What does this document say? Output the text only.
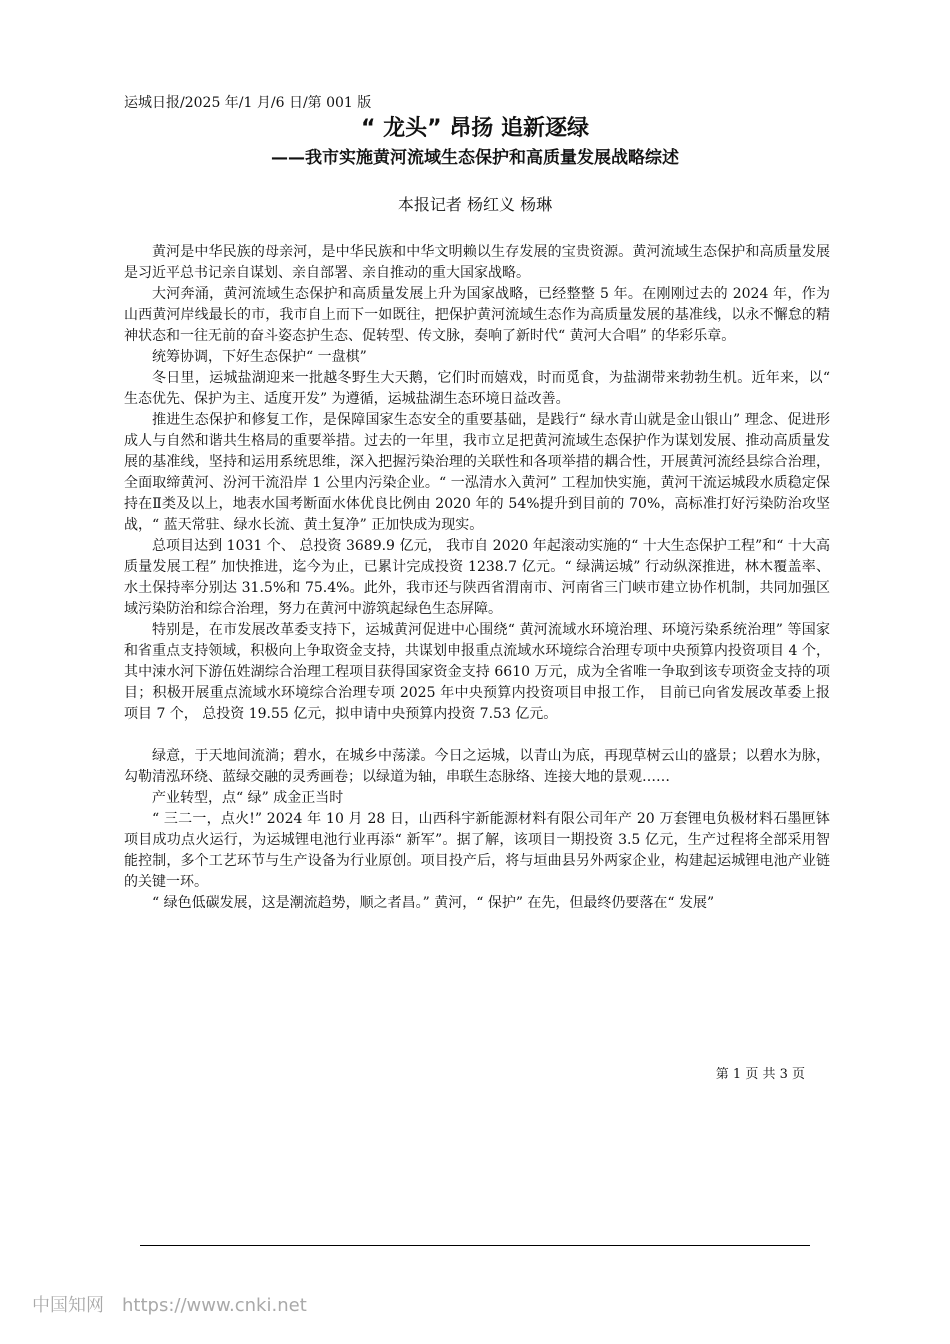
运城日报/2025 年/1 月/6 日/第 001 版
“ 龙头” 昂扬 追新逐绿
——我市实施黄河流域生态保护和高质量发展战略综述
本报记者 杨红义 杨琳

黄河是中华民族的母亲河，是中华民族和中华文明赖以生存发展的宝贵资源。黄河流域生态保护和高质量发展是习近平总书记亲自谋划、亲自部署、亲自推动的重大国家战略。

大河奔涌，黄河流域生态保护和高质量发展上升为国家战略，已经整整 5 年。在刚刚过去的 2024 年，作为山西黄河岸线最长的市，我市自上而下一如既往，把保护黄河流域生态作为高质量发展的基准线，以永不懈怠的精神状态和一往无前的奋斗姿态护生态、促转型、传文脉，奏响了新时代“ 黄河大合唱” 的华彩乐章。

统筹协调，下好生态保护“ 一盘棋”

冬日里，运城盐湖迎来一批越冬野生大天鹅，它们时而嬉戏，时而觅食，为盐湖带来勃勃生机。近年来，以“ 生态优先、保护为主、适度开发” 为遵循，运城盐湖生态环境日益改善。

推进生态保护和修复工作，是保障国家生态安全的重要基础，是践行“ 绿水青山就是金山银山” 理念、促进形成人与自然和谐共生格局的重要举措。过去的一年里，我市立足把黄河流域生态保护作为谋划发展、推动高质量发展的基准线，坚持和运用系统思维，深入把握污染治理的关联性和各项举措的耦合性，开展黄河流经县综合治理，全面取缔黄河、汾河干流沿岸 1 公里内污染企业。“ 一泓清水入黄河” 工程加快实施，黄河干流运城段水质稳定保持在Ⅱ类及以上，地表水国考断面水体优良比例由 2020 年的 54%提升到目前的 70%，高标准打好污染防治攻坚战，“ 蓝天常驻、绿水长流、黄土复净” 正加快成为现实。

总项目达到 1031 个、 总投资 3689.9 亿元， 我市自 2020 年起滚动实施的“ 十大生态保护工程”和“ 十大高质量发展工程” 加快推进，迄今为止，已累计完成投资 1238.7 亿元。“ 绿满运城” 行动纵深推进，林木覆盖率、水土保持率分别达 31.5%和 75.4%。此外，我市还与陕西省渭南市、河南省三门峡市建立协作机制，共同加强区域污染防治和综合治理，努力在黄河中游筑起绿色生态屏障。

特别是，在市发展改革委支持下，运城黄河促进中心围绕“ 黄河流域水环境治理、环境污染系统治理” 等国家和省重点支持领域，积极向上争取资金支持，共谋划申报重点流域水环境综合治理专项中央预算内投资项目 4 个，其中涑水河下游伍姓湖综合治理工程项目获得国家资金支持 6610 万元，成为全省唯一争取到该专项资金支持的项目；积极开展重点流域水环境综合治理专项 2025 年中央预算内投资项目申报工作， 目前已向省发展改革委上报项目 7 个， 总投资 19.55 亿元，拟申请中央预算内投资 7.53 亿元。

绿意，于天地间流淌；碧水，在城乡中荡漾。今日之运城，以青山为底，再现草树云山的盛景；以碧水为脉，勾勒清泓环绕、蓝绿交融的灵秀画卷；以绿道为轴，串联生态脉络、连接大地的景观……

产业转型，点“ 绿” 成金正当时

“ 三二一，点火!” 2024 年 10 月 28 日，山西科宇新能源材料有限公司年产 20 万套锂电负极材料石墨匣钵项目成功点火运行，为运城锂电池行业再添“ 新军”。据了解，该项目一期投资 3.5 亿元，生产过程将全部采用智能控制，多个工艺环节与生产设备为行业原创。项目投产后，将与垣曲县另外两家企业，构建起运城锂电池产业链的关键一环。

“ 绿色低碳发展，这是潮流趋势，顺之者昌。” 黄河，“ 保护” 在先，但最终仍要落在“ 发展”

第 1 页 共 3 页
中国知网 https://www.cnki.net
